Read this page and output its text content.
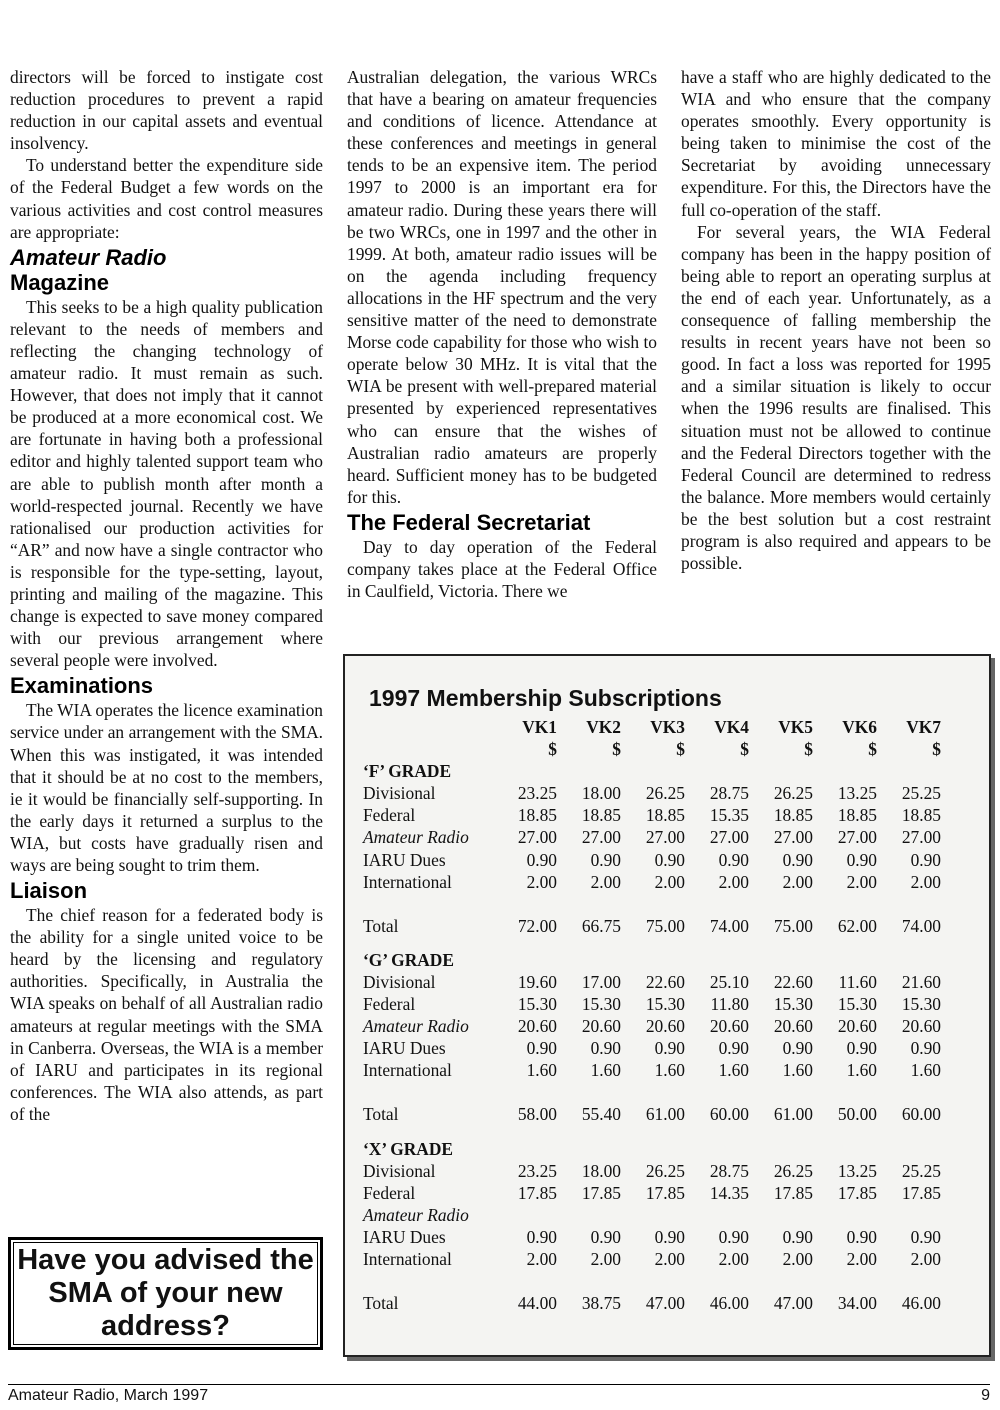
directors will be forced to instigate cost reduction procedures to prevent a rapid reduction in our capital assets and eventual insolvency.

To understand better the expenditure side of the Federal Budget a few words on the various activities and cost control measures are appropriate:

Amateur Radio
Magazine

This seeks to be a high quality publication relevant to the needs of members and reflecting the changing technology of amateur radio. It must remain as such. However, that does not imply that it cannot be produced at a more economical cost. We are fortunate in having both a professional editor and highly talented support team who are able to publish month after month a world-respected journal. Recently we have rationalised our production activities for “AR” and now have a single contractor who is responsible for the type-setting, layout, printing and mailing of the magazine. This change is expected to save money compared with our previous arrangement where several people were involved.

Examinations

The WIA operates the licence examination service under an arrangement with the SMA. When this was instigated, it was intended that it should be at no cost to the members, ie it would be financially self-supporting. In the early days it returned a surplus to the WIA, but costs have gradually risen and ways are being sought to trim them.

Liaison

The chief reason for a federated body is the ability for a single united voice to be heard by the licensing and regulatory authorities. Specifically, in Australia the WIA speaks on behalf of all Australian radio amateurs at regular meetings with the SMA in Canberra. Overseas, the WIA is a member of IARU and participates in its regional conferences. The WIA also attends, as part of the

Australian delegation, the various WRCs that have a bearing on amateur frequencies and conditions of licence. Attendance at these conferences and meetings in general tends to be an expensive item. The period 1997 to 2000 is an important era for amateur radio. During these years there will be two WRCs, one in 1997 and the other in 1999. At both, amateur radio issues will be on the agenda including frequency allocations in the HF spectrum and the very sensitive matter of the need to demonstrate Morse code capability for those who wish to operate below 30 MHz. It is vital that the WIA be present with well-prepared material presented by experienced representatives who can ensure that the wishes of Australian radio amateurs are properly heard. Sufficient money has to be budgeted for this.

The Federal Secretariat

Day to day operation of the Federal company takes place at the Federal Office in Caulfield, Victoria. There we

have a staff who are highly dedicated to the WIA and who ensure that the company operates smoothly. Every opportunity is being taken to minimise the cost of the Secretariat by avoiding unnecessary expenditure. For this, the Directors have the full co-operation of the staff.

For several years, the WIA Federal company has been in the happy position of being able to report an operating surplus at the end of each year. Unfortunately, as a consequence of falling membership the results in recent years have not been so good. In fact a loss was reported for 1995 and a similar situation is likely to occur when the 1996 results are finalised. This situation must not be allowed to continue and the Federal Directors together with the Federal Council are determined to redress the balance. More members would certainly be the best solution but a cost restraint program is also required and appears to be possible.

Have you advised the SMA of your new address?
1997 Membership Subscriptions
	VK1	VK2	VK3	VK4	VK5	VK6	VK7
	$	$	$	$	$	$	$
‘F’ GRADE							
Divisional	23.25	18.00	26.25	28.75	26.25	13.25	25.25
Federal	18.85	18.85	18.85	15.35	18.85	18.85	18.85
Amateur Radio	27.00	27.00	27.00	27.00	27.00	27.00	27.00
IARU Dues	0.90	0.90	0.90	0.90	0.90	0.90	0.90
International	2.00	2.00	2.00	2.00	2.00	2.00	2.00

Total	72.00	66.75	75.00	74.00	75.00	62.00	74.00

‘G’ GRADE							
Divisional	19.60	17.00	22.60	25.10	22.60	11.60	21.60
Federal	15.30	15.30	15.30	11.80	15.30	15.30	15.30
Amateur Radio	20.60	20.60	20.60	20.60	20.60	20.60	20.60
IARU Dues	0.90	0.90	0.90	0.90	0.90	0.90	0.90
International	1.60	1.60	1.60	1.60	1.60	1.60	1.60

Total	58.00	55.40	61.00	60.00	61.00	50.00	60.00

‘X’ GRADE							
Divisional	23.25	18.00	26.25	28.75	26.25	13.25	25.25
Federal	17.85	17.85	17.85	14.35	17.85	17.85	17.85
Amateur Radio							
IARU Dues	0.90	0.90	0.90	0.90	0.90	0.90	0.90
International	2.00	2.00	2.00	2.00	2.00	2.00	2.00

Total	44.00	38.75	47.00	46.00	47.00	34.00	46.00
Amateur Radio, March 1997	9
